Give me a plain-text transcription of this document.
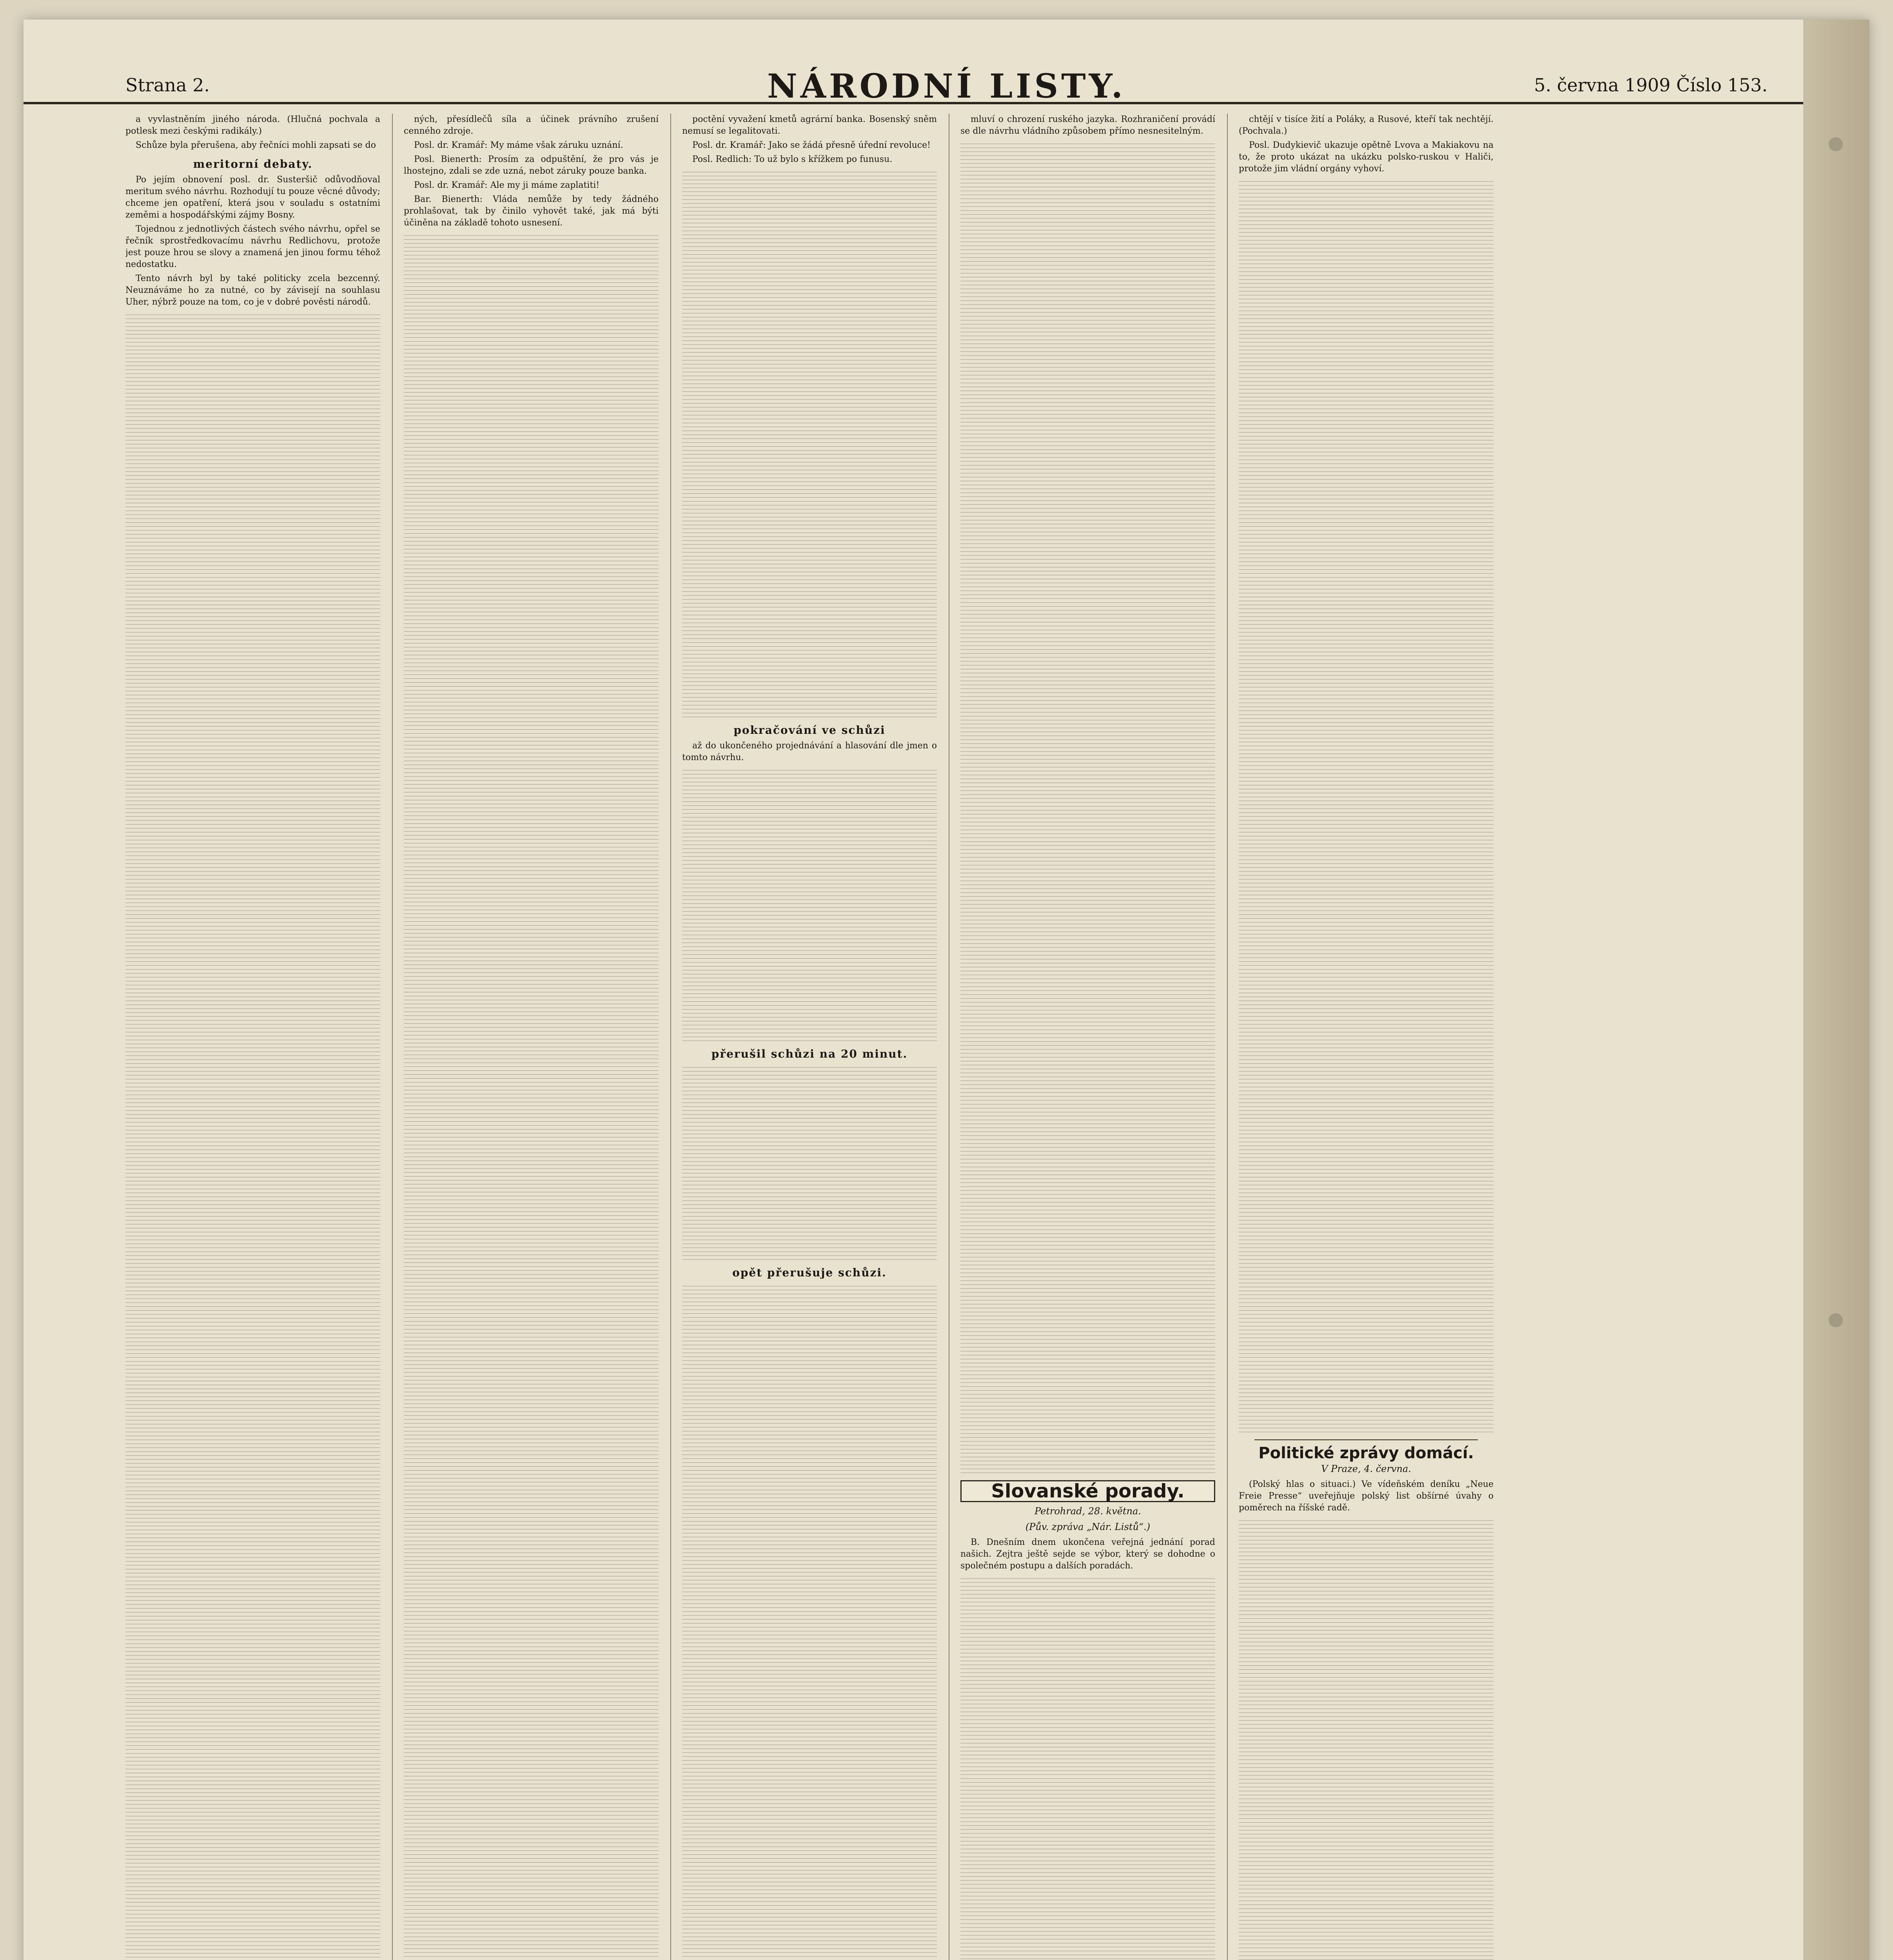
Strana 2.	NÁRODNÍ LISTY.	5. června 1909 Číslo 153.
a vyvlastněním jiného národa. (Hlučná pochvala a potlesk mezi českými radikály.)
Schůze byla přerušena, aby řečníci mohli zapsati se do
meritorní debaty.
Po jejím obnovení posl. dr. Susteršič odůvodňoval meritum svého návrhu. Rozhodují tu pouze věcné důvody; chceme jen opatření, která jsou v souladu s ostatními zeměmi a hospodářskými zájmy Bosny.
Tojednou z jednotlivých částech svého návrhu, opřel se řečník sprostředkovacímu návrhu Redlichovu, protože jest pouze hrou se slovy a znamená jen jinou formu téhož nedostatku.
Tento návrh byl by také politicky zcela bezcenný. Neuznáváme ho za nutné, co by závisejí na souhlasu Uher, nýbrž pouze na tom, co je v dobré pověsti národů.
ných, přesídlečů síla a účinek právního zrušení cenného zdroje.
Posl. dr. Kramář: My máme však záruku uznání.
Posl. Bienerth: Prosím za odpuštění, že pro vás je lhostejno, zdali se zde uzná, nebot záruky pouze banka.
Posl. dr. Kramář: Ale my ji máme zaplatiti!
Bar. Bienerth: Vláda nemůže by tedy žádného prohlašovat, tak by činilo vyhovět také, jak má býti účiněna na základě tohoto usnesení.
poctění vyvažení kmetů agrární banka. Bosenský sněm nemusí se legalitovati.
Posl. dr. Kramář: Jako se žádá přesně úřední revoluce!
Posl. Redlich: To už bylo s křížkem po funusu.
pokračování ve schůzi
až do ukončeného projednávání a hlasování dle jmen o tomto návrhu.
přerušil schůzi na 20 minut.
opět přerušuje schůzi.
mluví o chrození ruského jazyka. Rozhraničení provádí se dle návrhu vládního způsobem přímo nesnesitelným.
Slovanské porady.
Petrohrad, 28. května.
(Pův. zpráva „Nár. Listů“.)
B. Dnešním dnem ukončena veřejná jednání porad našich. Zejtra ještě sejde se výbor, který se dohodne o společném postupu a dalších poradách.
chtějí v tisíce žití a Poláky, a Rusové, kteří tak nechtějí. (Pochvala.)
Posl. Dudykievič ukazuje opětně Lvova a Makiakovu na to, že proto ukázat na ukázku polsko-ruskou v Haliči, protože jim vládní orgány vyhoví.
Politické zprávy domácí.
V Praze, 4. června.
(Polský hlas o situaci.) Ve vídeňském deníku „Neue Freie Presse“ uveřejňuje polský list obšírné úvahy o poměrech na říšské radě.
